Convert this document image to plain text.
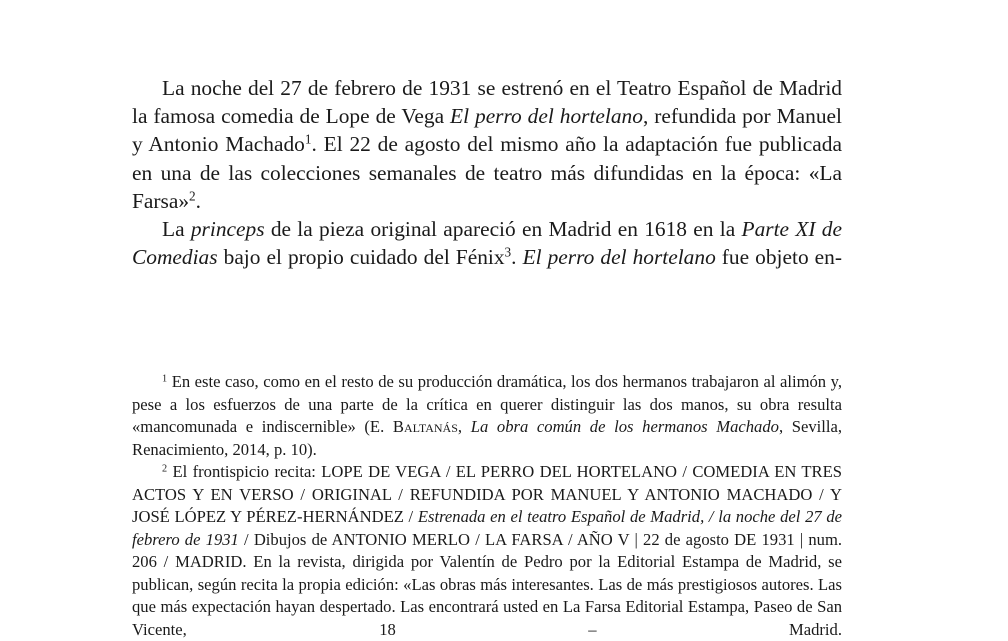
La noche del 27 de febrero de 1931 se estrenó en el Teatro Español de Madrid la famosa comedia de Lope de Vega El perro del hortelano, refundida por Manuel y Antonio Machado$^1$. El 22 de agosto del mismo año la adaptación fue publicada en una de las colecciones semanales de teatro más difundidas en la época: «La Farsa»$^2$.

La princeps de la pieza original apareció en Madrid en 1618 en la Parte XI de Comedias bajo el propio cuidado del Fénix$^3$. El perro del hortelano fue objeto en-

$^1$ En este caso, como en el resto de su producción dramática, los dos hermanos trabajaron al alimón y, pese a los esfuerzos de una parte de la crítica en querer distinguir las dos manos, su obra resulta «mancomunada e indiscernible» (E. Baltanás, La obra común de los hermanos Machado, Sevilla, Renacimiento, 2014, p. 10).

$^2$ El frontispicio recita: LOPE DE VEGA / EL PERRO DEL HORTELANO / COMEDIA EN TRES ACTOS Y EN VERSO / ORIGINAL / REFUNDIDA POR MANUEL Y ANTONIO MACHADO / Y JOSÉ LÓPEZ Y PÉREZ-HERNÁNDEZ / Estrenada en el teatro Español de Madrid, / la noche del 27 de febrero de 1931 / Dibujos de ANTONIO MERLO / LA FARSA / AÑO V | 22 de agosto DE 1931 | num. 206 / MADRID. En la revista, dirigida por Valentín de Pedro por la Editorial Estampa de Madrid, se publican, según recita la propia edición: «Las obras más interesantes. Las de más prestigiosos autores. Las que más expectación hayan despertado. Las encontrará usted en La Farsa Editorial Estampa, Paseo de San Vicente, 18 – Madrid.
